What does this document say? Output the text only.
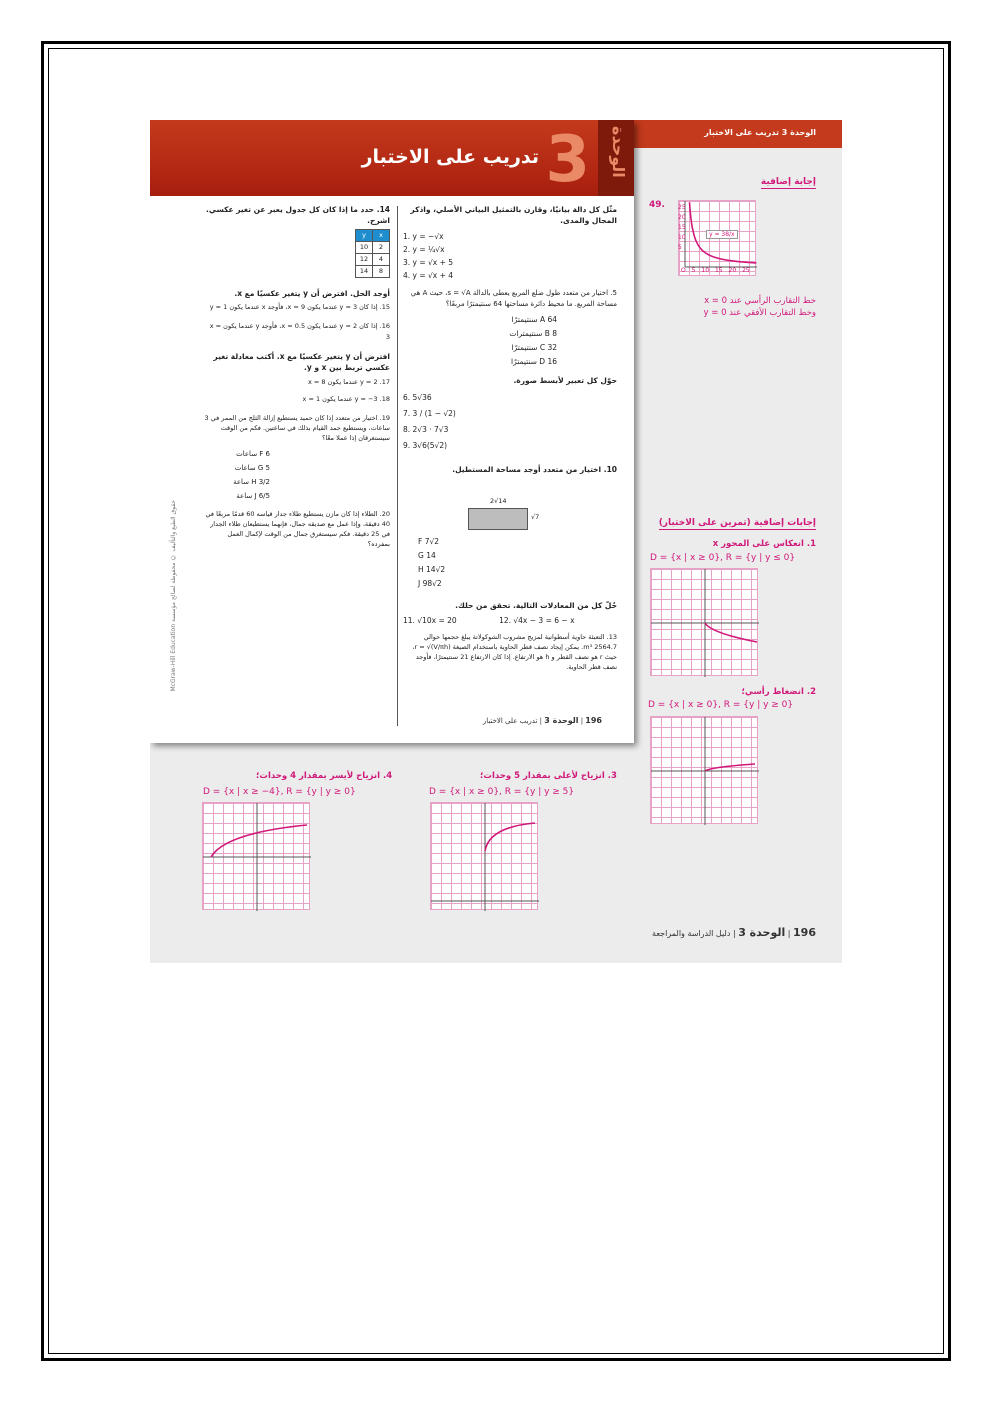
الوحدة 3 تدريب على الاختبار
تدريب على الاختبار 3 الوحدة
McGraw-Hill Education حقوق الطبع والتأليف © محفوظة لصالح مؤسسة
مثّل كل دالة بيانيًا، وقارن بالتمثيل البياني الأصلي، واذكر المجال والمدى.
1. y = −√x
2. y = ¼√x
3. y = √x + 5
4. y = √x + 4
5. اختيار من متعدد طول ضلع المربع يعطى بالدالة s = √A، حيث A هي مساحة المربع. ما محيط دائرة مساحتها 64 سنتيمترًا مربعًا؟
A 64 سنتيمترًا
B 8 سنتيمترات
C 32 سنتيمترًا
D 16 سنتيمترًا
حوّل كل تعبير لأبسط صورة.
6. 5√36
7. 3 / (1 − √2)
8. 2√3 · 7√3
9. 3√6(5√2)
10. اختيار من متعدد أوجد مساحة المستطيل.
2√14
√7
F 7√2
G 14
H 14√2
J 98√2
حُلّ كل من المعادلات التالية. تحقق من حلك.
11. √10x = 20	12. √4x − 3 = 6 − x
13. التعبئة حاوية أسطوانية لمزيج مشروب الشوكولاتة يبلغ حجمها حوالي 2564.7 m³. يمكن إيجاد نصف قطر الحاوية باستخدام الصيغة r = √(V/πh)، حيث r هو نصف القطر و h هو الارتفاع. إذا كان الارتفاع 21 سنتيمترًا، فأوجد نصف قطر الحاوية.
14. حدد ما إذا كان كل جدول يعبر عن تغير عكسي. اشرح.
x	y
2	10
4	12
8	14
أوجد الحل. افترض أن y يتغير عكسيًا مع x.
15. إذا كان y = 3 عندما يكون x = 9، فأوجد x عندما يكون y = 1
16. إذا كان y = 2 عندما يكون x = 0.5، فأوجد y عندما يكون x = 3
افترض أن y يتغير عكسيًا مع x. أكتب معادلة تغير عكسي تربط بين x و y.
17. y = 2 عندما يكون x = 8
18. y = −3 عندما يكون x = 1
19. اختيار من متعدد إذا كان حميد يستطيع إزالة الثلج من الممر في 3 ساعات، ويستطيع حمد القيام بذلك في ساعتين. فكم من الوقت سيستغرقان إذا عملا معًا؟
F 6 ساعات
G 5 ساعات
H 3/2 ساعة
J 6/5 ساعة
20. الطلاء إذا كان مازن يستطيع طلاء جدار قياسه 60 قدمًا مربعًا في 40 دقيقة، وإذا عمل مع صديقه جمال، فإنهما يستطيعان طلاء الجدار في 25 دقيقة. فكم سيستغرق جمال من الوقت لإكمال العمل بمفرده؟
196 | الوحدة 3 | تدريب على الاختبار
إجابة إضافية
49.
y = 38/x
25
20
15
10
5
O 5 10 15 20 25
خط التقارب الرأسي عند x = 0
وخط التقارب الأفقي عند y = 0
إجابات إضافية (تمرين على الاختبار)
1. انعكاس على المحور x
D = {x | x ≥ 0}, R = {y | y ≤ 0}
2. انضغاط رأسي؛
D = {x | x ≥ 0}, R = {y | y ≥ 0}
3. انزياح لأعلى بمقدار 5 وحدات؛
D = {x | x ≥ 0}, R = {y | y ≥ 5}
4. انزياح لأيسر بمقدار 4 وحدات؛
D = {x | x ≥ −4}, R = {y | y ≥ 0}
196 | الوحدة 3 | دليل الدراسة والمراجعة
